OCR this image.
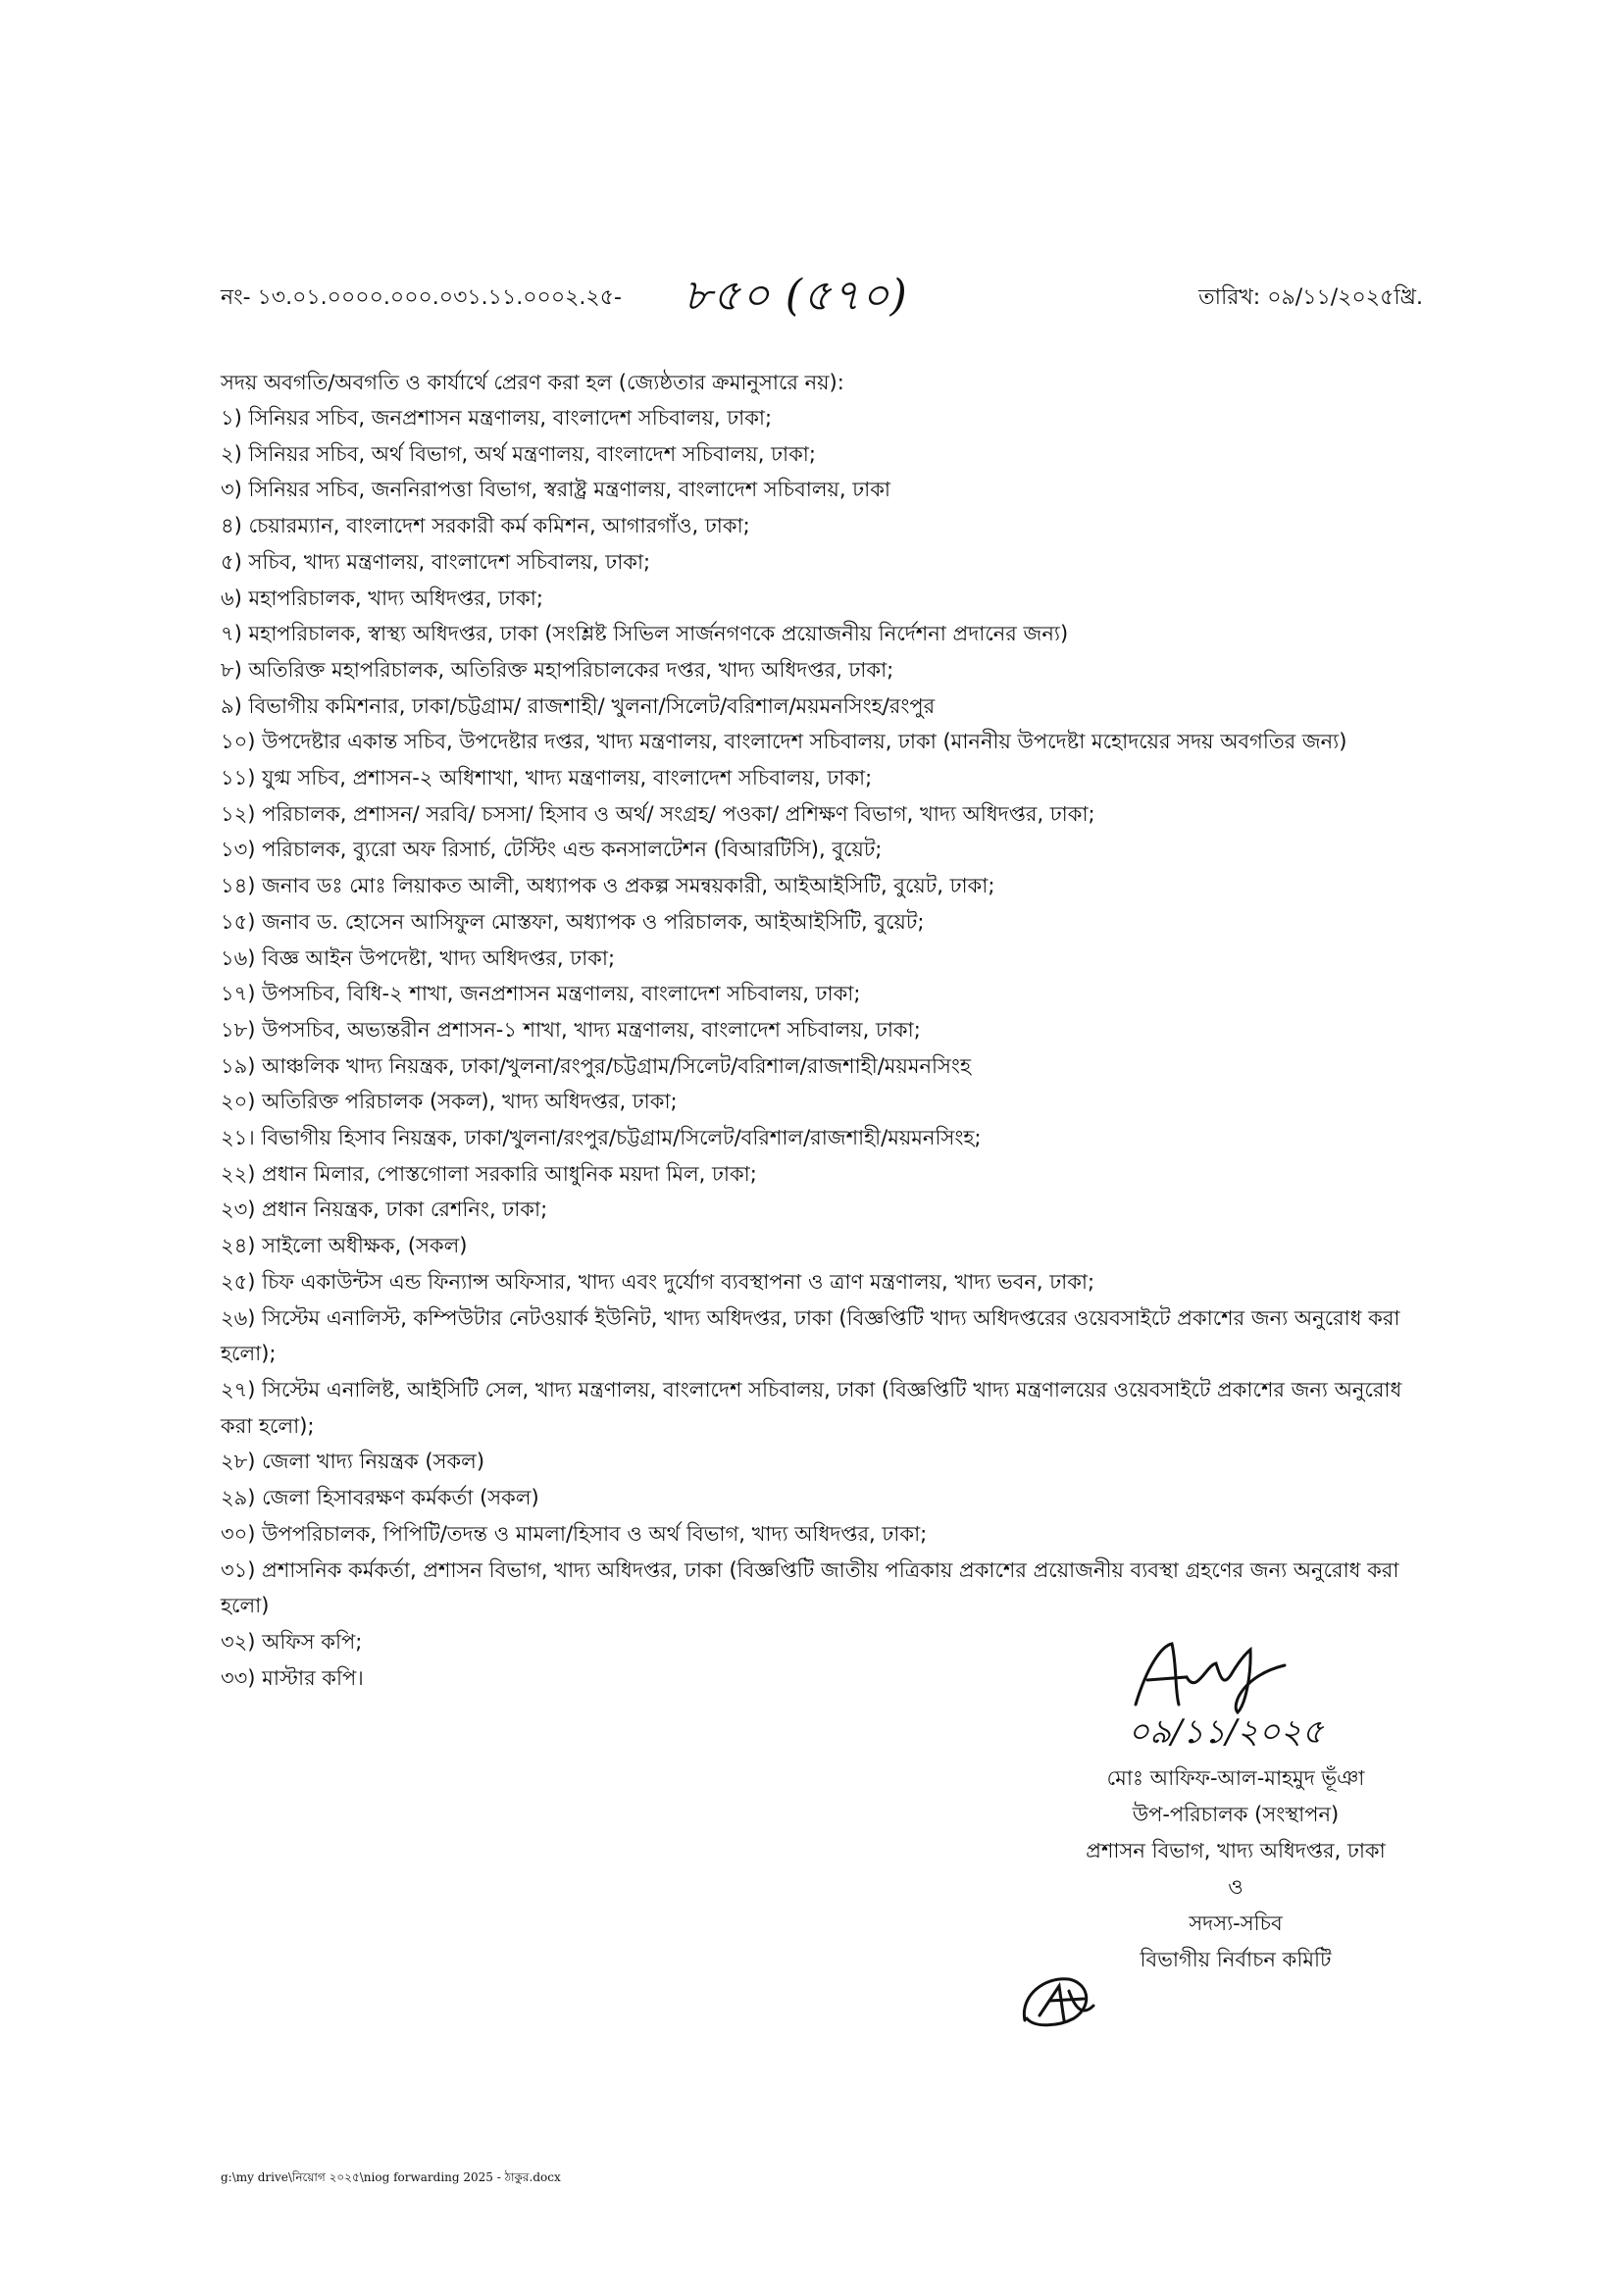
নং- ১৩.০১.০০০০.০০০.০৩১.১১.০০০২.২৫- ৮৫০ (৫৭০)	তারিখ: ০৯/১১/২০২৫খ্রি.
সদয় অবগতি/অবগতি ও কার্যার্থে প্রেরণ করা হল (জ্যেষ্ঠতার ক্রমানুসারে নয়):
১) সিনিয়র সচিব, জনপ্রশাসন মন্ত্রণালয়, বাংলাদেশ সচিবালয়, ঢাকা;
২) সিনিয়র সচিব, অর্থ বিভাগ, অর্থ মন্ত্রণালয়, বাংলাদেশ সচিবালয়, ঢাকা;
৩) সিনিয়র সচিব, জননিরাপত্তা বিভাগ, স্বরাষ্ট্র মন্ত্রণালয়, বাংলাদেশ সচিবালয়, ঢাকা
৪) চেয়ারম্যান, বাংলাদেশ সরকারী কর্ম কমিশন, আগারগাঁও, ঢাকা;
৫) সচিব, খাদ্য মন্ত্রণালয়, বাংলাদেশ সচিবালয়, ঢাকা;
৬) মহাপরিচালক, খাদ্য অধিদপ্তর, ঢাকা;
৭) মহাপরিচালক, স্বাস্থ্য অধিদপ্তর, ঢাকা (সংশ্লিষ্ট সিভিল সার্জনগণকে প্রয়োজনীয় নির্দেশনা প্রদানের জন্য)
৮) অতিরিক্ত মহাপরিচালক, অতিরিক্ত মহাপরিচালকের দপ্তর, খাদ্য অধিদপ্তর, ঢাকা;
৯) বিভাগীয় কমিশনার, ঢাকা/চট্টগ্রাম/ রাজশাহী/ খুলনা/সিলেট/বরিশাল/ময়মনসিংহ/রংপুর
১০) উপদেষ্টার একান্ত সচিব, উপদেষ্টার দপ্তর, খাদ্য মন্ত্রণালয়, বাংলাদেশ সচিবালয়, ঢাকা (মাননীয় উপদেষ্টা মহোদয়ের সদয় অবগতির জন্য)
১১) যুগ্ম সচিব, প্রশাসন-২ অধিশাখা, খাদ্য মন্ত্রণালয়, বাংলাদেশ সচিবালয়, ঢাকা;
১২) পরিচালক, প্রশাসন/ সরবি/ চসসা/ হিসাব ও অর্থ/ সংগ্রহ/ পওকা/ প্রশিক্ষণ বিভাগ, খাদ্য অধিদপ্তর, ঢাকা;
১৩) পরিচালক, ব্যুরো অফ রিসার্চ, টেস্টিং এন্ড কনসালটেশন (বিআরটিসি), বুয়েট;
১৪) জনাব ডঃ মোঃ লিয়াকত আলী, অধ্যাপক ও প্রকল্প সমন্বয়কারী, আইআইসিটি, বুয়েট, ঢাকা;
১৫) জনাব ড. হোসেন আসিফুল মোস্তফা, অধ্যাপক ও পরিচালক, আইআইসিটি, বুয়েট;
১৬) বিজ্ঞ আইন উপদেষ্টা, খাদ্য অধিদপ্তর, ঢাকা;
১৭) উপসচিব, বিধি-২ শাখা, জনপ্রশাসন মন্ত্রণালয়, বাংলাদেশ সচিবালয়, ঢাকা;
১৮) উপসচিব, অভ্যন্তরীন প্রশাসন-১ শাখা, খাদ্য মন্ত্রণালয়, বাংলাদেশ সচিবালয়, ঢাকা;
১৯) আঞ্চলিক খাদ্য নিয়ন্ত্রক, ঢাকা/খুলনা/রংপুর/চট্টগ্রাম/সিলেট/বরিশাল/রাজশাহী/ময়মনসিংহ
২০) অতিরিক্ত পরিচালক (সকল), খাদ্য অধিদপ্তর, ঢাকা;
২১। বিভাগীয় হিসাব নিয়ন্ত্রক, ঢাকা/খুলনা/রংপুর/চট্টগ্রাম/সিলেট/বরিশাল/রাজশাহী/ময়মনসিংহ;
২২) প্রধান মিলার, পোস্তগোলা সরকারি আধুনিক ময়দা মিল, ঢাকা;
২৩) প্রধান নিয়ন্ত্রক, ঢাকা রেশনিং, ঢাকা;
২৪) সাইলো অধীক্ষক, (সকল)
২৫) চিফ একাউন্টস এন্ড ফিন্যান্স অফিসার, খাদ্য এবং দুর্যোগ ব্যবস্থাপনা ও ত্রাণ মন্ত্রণালয়, খাদ্য ভবন, ঢাকা;
২৬) সিস্টেম এনালিস্ট, কম্পিউটার নেটওয়ার্ক ইউনিট, খাদ্য অধিদপ্তর, ঢাকা (বিজ্ঞপ্তিটি খাদ্য অধিদপ্তরের ওয়েবসাইটে প্রকাশের জন্য অনুরোধ করা হলো);
২৭) সিস্টেম এনালিষ্ট, আইসিটি সেল, খাদ্য মন্ত্রণালয়, বাংলাদেশ সচিবালয়, ঢাকা (বিজ্ঞপ্তিটি খাদ্য মন্ত্রণালয়ের ওয়েবসাইটে প্রকাশের জন্য অনুরোধ করা হলো);
২৮) জেলা খাদ্য নিয়ন্ত্রক (সকল)
২৯) জেলা হিসাবরক্ষণ কর্মকর্তা (সকল)
৩০) উপপরিচালক, পিপিটি/তদন্ত ও মামলা/হিসাব ও অর্থ বিভাগ, খাদ্য অধিদপ্তর, ঢাকা;
৩১) প্রশাসনিক কর্মকর্তা, প্রশাসন বিভাগ, খাদ্য অধিদপ্তর, ঢাকা (বিজ্ঞপ্তিটি জাতীয় পত্রিকায় প্রকাশের প্রয়োজনীয় ব্যবস্থা গ্রহণের জন্য অনুরোধ করা হলো)
৩২) অফিস কপি;
৩৩) মাস্টার কপি।
০৯/১১/২০২৫
মোঃ আফিফ-আল-মাহমুদ ভূঁঞা
উপ-পরিচালক (সংস্থাপন)
প্রশাসন বিভাগ, খাদ্য অধিদপ্তর, ঢাকা
ও
সদস্য-সচিব
বিভাগীয় নির্বাচন কমিটি
g:\my drive\নিয়োগ ২০২৫\niog forwarding 2025 - ঠাকুর.docx
